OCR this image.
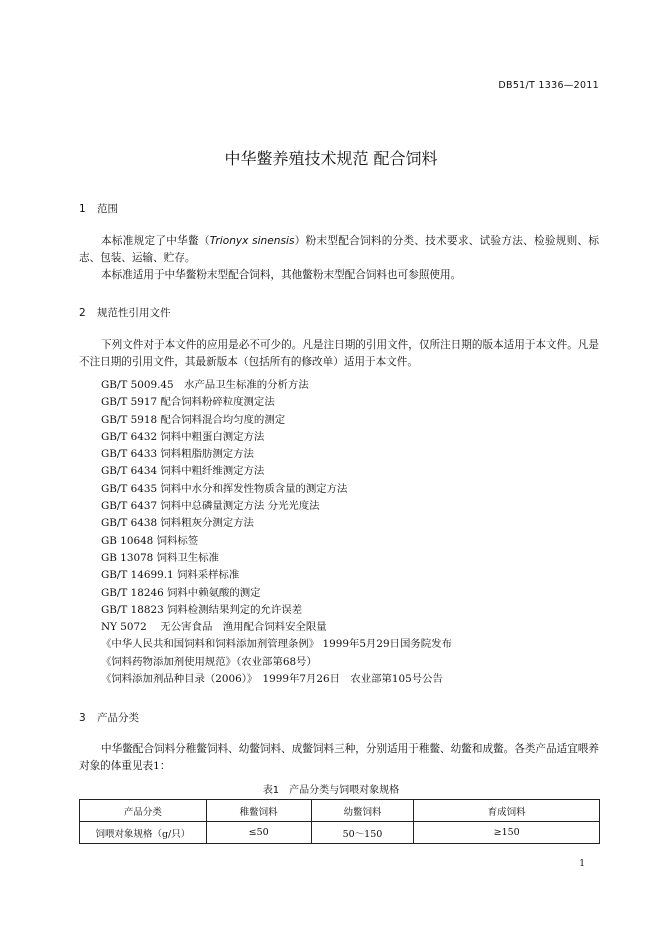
DB51/T 1336—2011
中华鳖养殖技术规范 配合饲料
1 范围

本标准规定了中华鳖（Trionyx sinensis）粉末型配合饲料的分类、技术要求、试验方法、检验规则、标志、包装、运输、贮存。

本标准适用于中华鳖粉末型配合饲料，其他鳖粉末型配合饲料也可参照使用。

2 规范性引用文件

下列文件对于本文件的应用是必不可少的。凡是注日期的引用文件，仅所注日期的版本适用于本文件。凡是不注日期的引用文件，其最新版本（包括所有的修改单）适用于本文件。

GB/T 5009.45　水产品卫生标准的分析方法
GB/T 5917 配合饲料粉碎粒度测定法
GB/T 5918 配合饲料混合均匀度的测定
GB/T 6432 饲料中粗蛋白测定方法
GB/T 6433 饲料粗脂肪测定方法
GB/T 6434 饲料中粗纤维测定方法
GB/T 6435 饲料中水分和挥发性物质含量的测定方法
GB/T 6437 饲料中总磷量测定方法 分光光度法
GB/T 6438 饲料粗灰分测定方法
GB 10648 饲料标签
GB 13078 饲料卫生标准
GB/T 14699.1 饲料采样标准
GB/T 18246 饲料中赖氨酸的测定
GB/T 18823 饲料检测结果判定的允许误差
NY 5072　 无公害食品　渔用配合饲料安全限量
《中华人民共和国饲料和饲料添加剂管理条例》 1999年5月29日国务院发布
《饲料药物添加剂使用规范》（农业部第68号）
《饲料添加剂品种目录（2006）》　1999年7月26日　农业部第105号公告
3 产品分类

中华鳖配合饲料分稚鳖饲料、幼鳖饲料、成鳖饲料三种，分别适用于稚鳖、幼鳖和成鳖。各类产品适宜喂养对象的体重见表1：

表1　产品分类与饲喂对象规格
产品分类	稚鳖饲料	幼鳖饲料	育成饲料
饲喂对象规格（g/只）	≤50	50～150	≥150
1
